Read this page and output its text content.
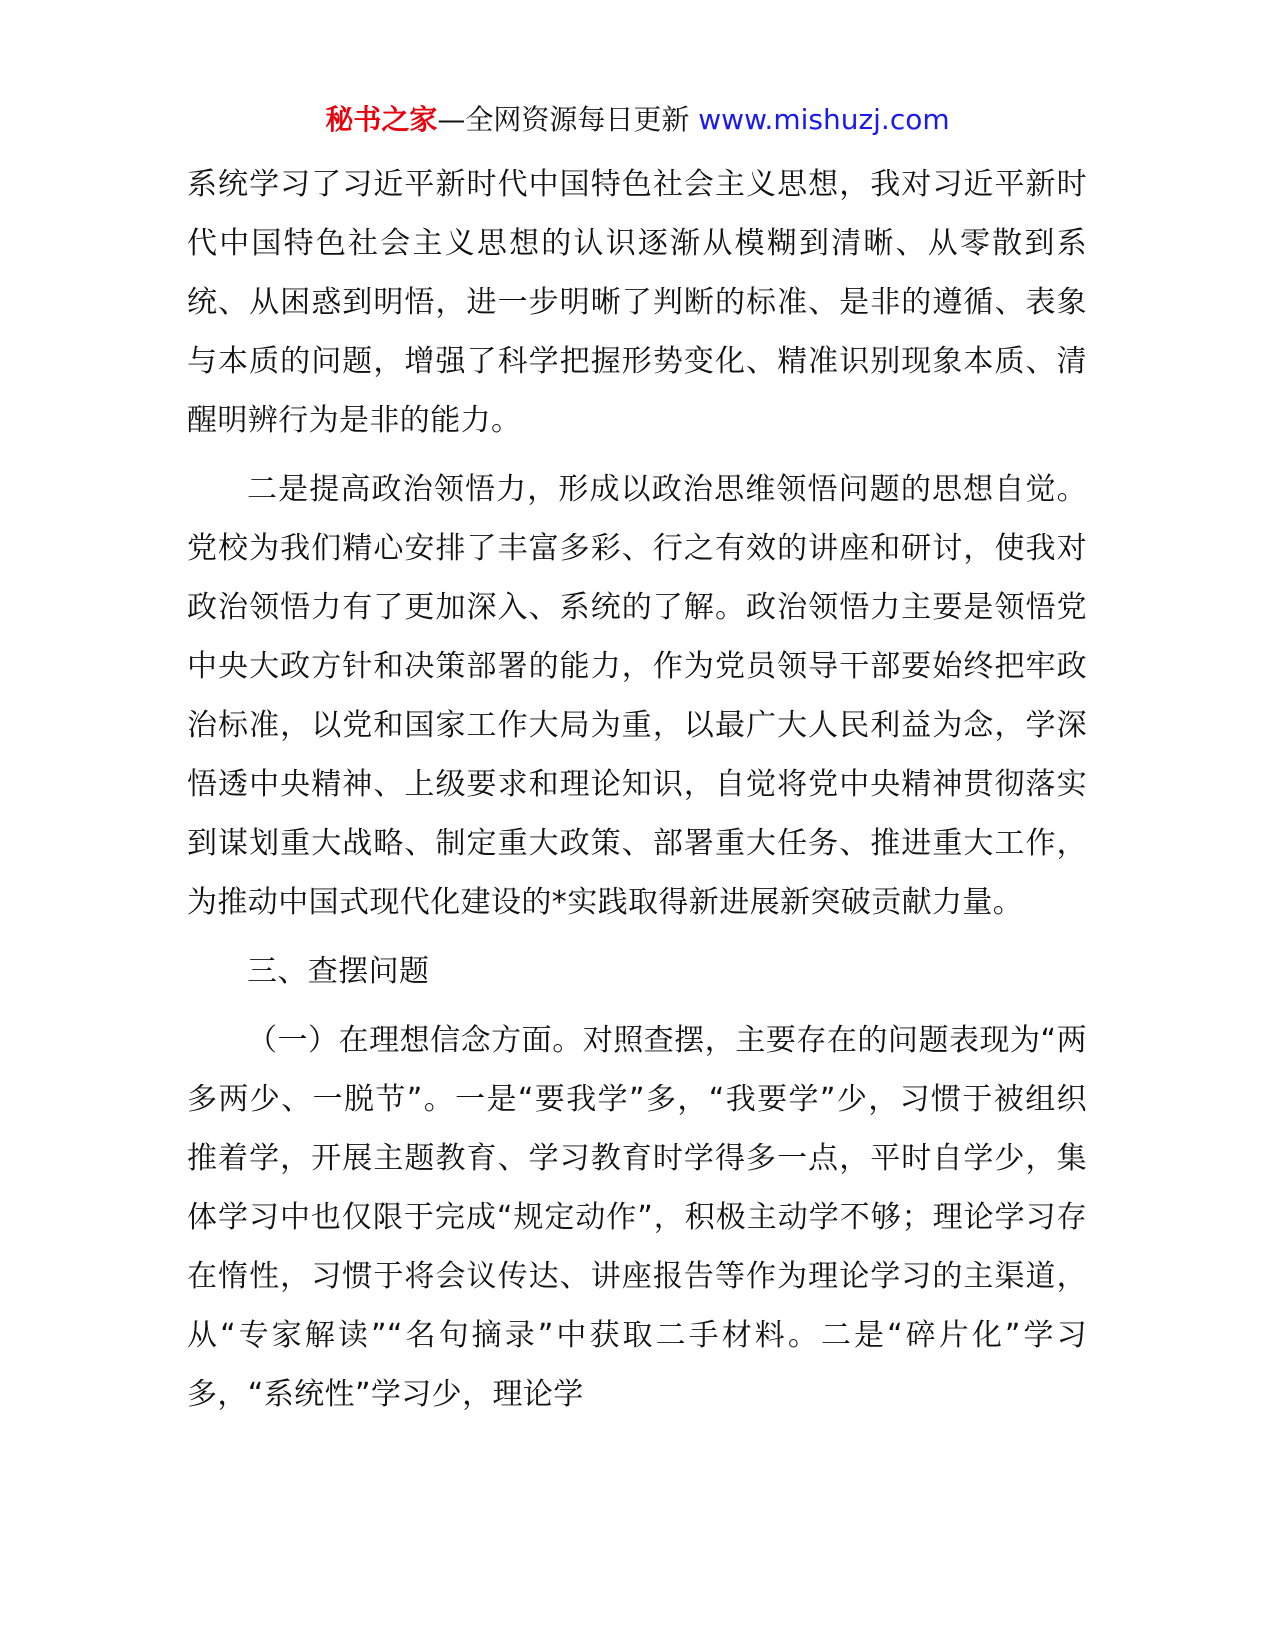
秘书之家—全网资源每日更新 www.mishuzj.com

系统学习了习近平新时代中国特色社会主义思想，我对习近平新时代中国特色社会主义思想的认识逐渐从模糊到清晰、从零散到系统、从困惑到明悟，进一步明晰了判断的标准、是非的遵循、表象与本质的问题，增强了科学把握形势变化、精准识别现象本质、清醒明辨行为是非的能力。

二是提高政治领悟力，形成以政治思维领悟问题的思想自觉。党校为我们精心安排了丰富多彩、行之有效的讲座和研讨，使我对政治领悟力有了更加深入、系统的了解。政治领悟力主要是领悟党中央大政方针和决策部署的能力，作为党员领导干部要始终把牢政治标准，以党和国家工作大局为重，以最广大人民利益为念，学深悟透中央精神、上级要求和理论知识，自觉将党中央精神贯彻落实到谋划重大战略、制定重大政策、部署重大任务、推进重大工作，为推动中国式现代化建设的*实践取得新进展新突破贡献力量。

三、查摆问题

（一）在理想信念方面。对照查摆，主要存在的问题表现为“两多两少、一脱节”。一是“要我学”多，“我要学”少，习惯于被组织推着学，开展主题教育、学习教育时学得多一点，平时自学少，集体学习中也仅限于完成“规定动作”，积极主动学不够；理论学习存在惰性，习惯于将会议传达、讲座报告等作为理论学习的主渠道，从“专家解读”“名句摘录”中获取二手材料。二是“碎片化”学习多，“系统性”学习少，理论学
